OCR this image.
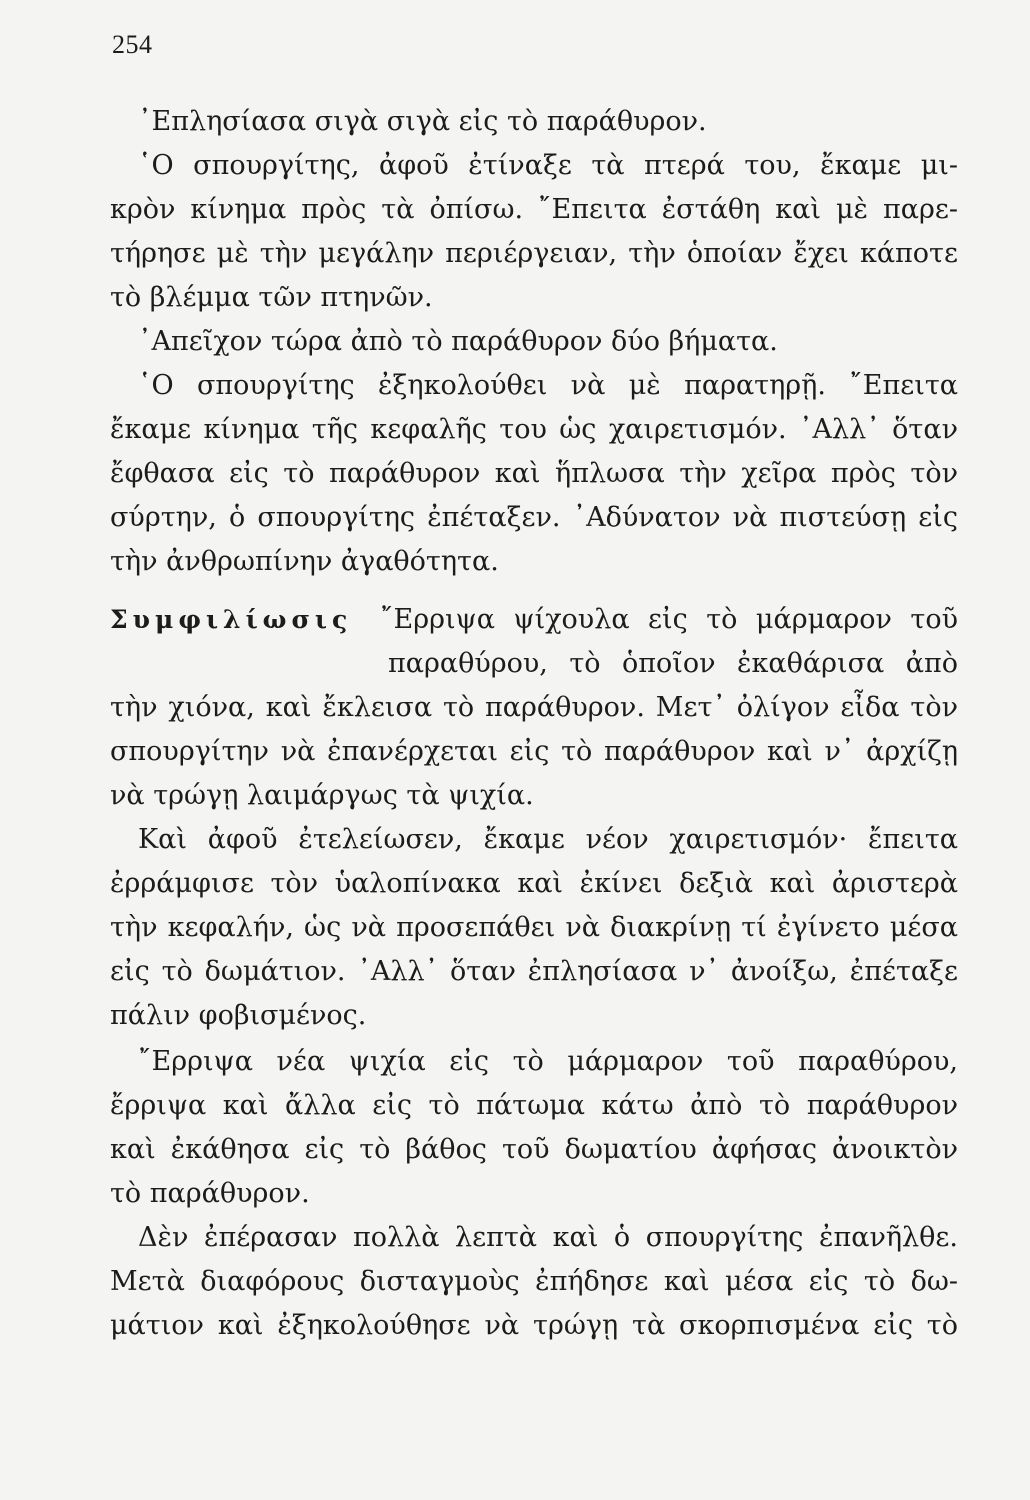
254
᾿Επλησίασα σιγὰ σιγὰ εἰς τὸ παράθυρον.
῾Ο σπουργίτης, ἀφοῦ ἐτίναξε τὰ πτερά του, ἔκαμε μι-
κρὸν κίνημα πρὸς τὰ ὀπίσω. ῎Επειτα ἐστάθη καὶ μὲ παρε-
τήρησε μὲ τὴν μεγάλην περιέργειαν, τὴν ὁποίαν ἔχει κάποτε
τὸ βλέμμα τῶν πτηνῶν.
᾿Απεῖχον τώρα ἀπὸ τὸ παράθυρον δύο βήματα.
῾Ο σπουργίτης ἐξηκολούθει νὰ μὲ παρατηρῇ. ῎Επειτα
ἔκαμε κίνημα τῆς κεφαλῆς του ὡς χαιρετισμόν. ᾿Αλλ᾿ ὅταν
ἔφθασα εἰς τὸ παράθυρον καὶ ἥπλωσα τὴν χεῖρα πρὸς τὸν
σύρτην, ὁ σπουργίτης ἐπέταξεν. ᾿Αδύνατον νὰ πιστεύσῃ εἰς
τὴν ἀνθρωπίνην ἀγαθότητα.
Συμφιλίωσις	῎Ερριψα ψίχουλα εἰς τὸ μάρμαρον τοῦ
παραθύρου, τὸ ὁποῖον ἐκαθάρισα ἀπὸ
τὴν χιόνα, καὶ ἔκλεισα τὸ παράθυρον. Μετ᾿ ὀλίγον εἶδα τὸν
σπουργίτην νὰ ἐπανέρχεται εἰς τὸ παράθυρον καὶ ν᾿ ἀρχίζῃ
νὰ τρώγῃ λαιμάργως τὰ ψιχία.
Καὶ ἀφοῦ ἐτελείωσεν, ἔκαμε νέον χαιρετισμόν· ἔπειτα
ἐρράμφισε τὸν ὑαλοπίνακα καὶ ἐκίνει δεξιὰ καὶ ἀριστερὰ
τὴν κεφαλήν, ὡς νὰ προσεπάθει νὰ διακρίνῃ τί ἐγίνετο μέσα
εἰς τὸ δωμάτιον. ᾿Αλλ᾿ ὅταν ἐπλησίασα ν᾿ ἀνοίξω, ἐπέταξε
πάλιν φοβισμένος.
῎Ερριψα νέα ψιχία εἰς τὸ μάρμαρον τοῦ παραθύρου,
ἔρριψα καὶ ἄλλα εἰς τὸ πάτωμα κάτω ἀπὸ τὸ παράθυρον
καὶ ἐκάθησα εἰς τὸ βάθος τοῦ δωματίου ἀφήσας ἀνοικτὸν
τὸ παράθυρον.
Δὲν ἐπέρασαν πολλὰ λεπτὰ καὶ ὁ σπουργίτης ἐπανῆλθε.
Μετὰ διαφόρους δισταγμοὺς ἐπήδησε καὶ μέσα εἰς τὸ δω-
μάτιον καὶ ἐξηκολούθησε νὰ τρώγῃ τὰ σκορπισμένα εἰς τὸ
